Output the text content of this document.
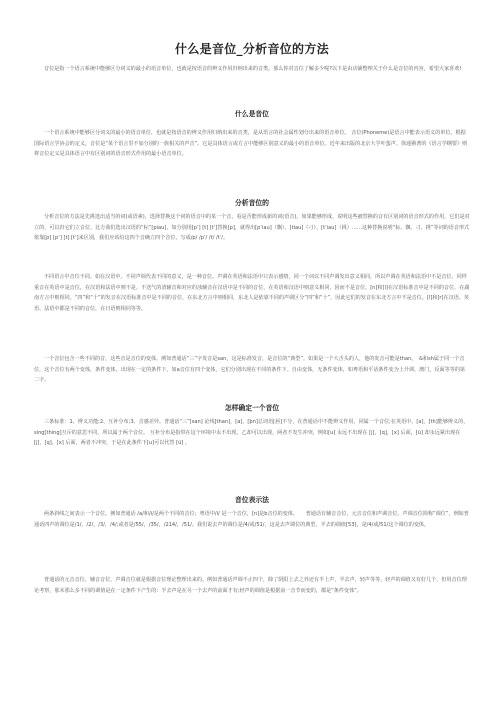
什么是音位_分析音位的方法
音位是指一个语言系统中能够区分词义的最小的语音单位，也就是按语音的辨义作用归纳出来的音类。那么你对音位了解多少呢?以下是由店铺整理关于什么是音位的内容，希望大家喜欢!
什么是音位
一个语言系统中能够区分词义的最小的语音单位，也就是按语音的辨义作用归纳出来的音类，是从语言的社会属性划分出来的语音单位。 音位(Phoneme)是语言中能表示语义的单位。根据国际语言学协会的定义，音位是“某个语言里不加分别的一族相关的声音”。它是具体语言或方言中能够区别意义的最小的语音单位。近年来出版的北京大学叶蜚声、徐通锵著的《语言学纲要》则将音位定义是具体语言中有区别词的语音形式作用的最小语音单位。
分析音位的
分析音位的方法是先挑选出适当的词(或语素)，选择替换这个词的语音中的某一个音，看是否能形成新的词(语音)。如果能够形成，说明这些被替换的音有区别词的语音形式的作用，它们是对立的，可以归它们立音位。比方我们选出汉语的“标”[piau]，如分别用[p‘] [t] [t‘]替换[p]，就得出[p‘iau]（飘）、[tiau]（刁）、[t‘iau]（挑）……这种替换说明“标、飘、刁、挑”等词的语音形式依靠[p] [p‘] [t] [t‘]来区别，我们应该给这四个音确立四个音位，写成/p/ /p‘/ /t/ /t‘/。
不同语言中音位不同。如在汉语中，不同声调代表不同的意义，是一种音位。声调在英语和法语中只表示感情，同一个词以不同声调发出意义相同，所以声调在英语和法语中不是音位。同样重音在英语中是音位，在汉语和法语中则不是。不送气的清辅音和对应的浊辅音在汉语中是不同的音位，在英语和汉语中则意义相同，因而不是音位。[n]和[l]在汉语标准音中是不同的音位，在湖南方言中则相同。“四”和“十”的发音在汉语标准音中是不同的音位，在东北方言中则相同，东北人是依靠不同的声调区分“四”和“十”，因此它们的发音在东北方言中不是音位。[l]和[r]在汉语、英语、法语中都是不同的音位，在日语则相同等等。
一个音位包含一些不同的音，这些音是音位的变体。例如普通话“三”字发音是san，这是标准发音，是音位的“典型”。如果是一个大舌头的人，他的发音可能是than。　&和sh属于同一个音位，这个音位有两个变体，条件变体，出现在一定的条件下，如a音位有四个变体，它们分别出现在不同的条件下。自由变体，无条件变体，如粤语和平话条件变为上升调，澳门，反面等等的第二字。
怎样确定一个音位
三条标准：1、辨义功能;2、互补分布;3、音感差异。普通话“三”[san] 论线[than]，[a]，[þn]总词语[唇]不分，在普通话中不能辨义作用，同属一个音位;在英语中，[a]，[th]能够辨义的，sing[thing]互斥的意思不同，所以属于两个音位。 互补分布是指带在这个环境中永不出现，乙却可以出现，两者不发生冲突，例如[u] 永远不出现在 [j]，[q]，[x] 后面，[ü] 却永远紧出现在 [j]，[q]，[x] 后面，两者不冲突，于是在此条件下[u]可以代替 [ü] 。
音位表示法
两条斜线之间表示一个音位。例如普通话 /a/和/i/是两个不同的音位；粤语中/i/ 是一个音位，[n]是b音位的变体。　　普通话有辅音音位，元音音位和声调音位。声调音位简称“调位”，例如普通话四声的调位是/1/，/2/，/3/，/4/;或者是/55/，/35/，/214/，/51/。我们说去声的调位是/4/或/51/，这是去声调位的典型，半去的调值[53]，是/4/或/51/这个调位的变体。
普通话的元音音位，辅音音位，声调音位就是根据音位理论整理出来的。例如普通话声调不止四个，除了阴阳上去之外还有半上声，半去声，轻声等等，轻声的调值又有好几个，但用音位理论考察，那末那么多不同的调值是在一定条件下产生的：半去声是在另一个去声的前面才有;轻声的调值是根据前一音节而变的，都是“条件变体”。
